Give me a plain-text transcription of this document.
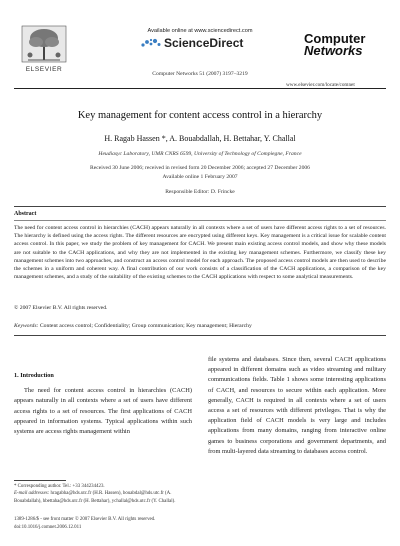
ELSEVIER
Available online at www.sciencedirect.com
ScienceDirect
Computer Networks 51 (2007) 3197–3219
Computer
Networks
www.elsevier.com/locate/comnet
Key management for content access control in a hierarchy
H. Ragab Hassen *, A. Bouabdallah, H. Bettahar, Y. Challal
Heudiasyc Laboratory, UMR CNRS 6599, University of Technology of Compiegne, France
Received 30 June 2006; received in revised form 20 December 2006; accepted 27 December 2006
Available online 1 February 2007
Responsible Editor: D. Frincke
Abstract
The need for content access control in hierarchies (CACH) appears naturally in all contexts where a set of users have different access rights to a set of resources. The hierarchy is defined using the access rights. The different resources are encrypted using different keys. Key management is a critical issue for scalable content access control. In this paper, we study the problem of key management for CACH. We present main existing access control models, and show why these models are not suitable to the CACH applications, and why they are not implemented in the existing key management schemes. Furthermore, we classify these key management schemes into two approaches, and construct an access control model for each approach. The proposed access control models are then used to describe the schemes in a uniform and coherent way. A final contribution of our work consists of a classification of the CACH applications, a comparison of the key management schemes, and a study of the suitability of the existing schemes to the CACH applications with respect to some analytical measurements.
© 2007 Elsevier B.V. All rights reserved.
Keywords: Content access control; Confidentiality; Group communication; Key management; Hierarchy
1. Introduction
The need for content access control in hierarchies (CACH) appears naturally in all contexts where a set of users have different access rights to a set of resources. The first applications of CACH appeared in information systems. Typical applications within such systems are access rights management within
file systems and databases. Since then, several CACH applications appeared in different domains such as video streaming and military communications fields. Table 1 shows some interesting applications of CACH, and resources to secure within each application. More generally, CACH is required in all contexts where a set of users access a set of resources with different privileges. That is why the application field of CACH models is very large and includes applications from many domains, ranging from interactive online games to business corporations and government departments, and from multi-layered data streaming to databases access control.
* Corresponding author. Tel.: +33 344234423.
E-mail addresses: hragabha@hds.utc.fr (H.R. Hassen), bouabdal@hds.utc.fr (A. Bouabdallah), hbettaha@hds.utc.fr (H. Bettahar), ychallal@hds.utc.fr (Y. Challal).
1389-1286/$ - see front matter © 2007 Elsevier B.V. All rights reserved.
doi:10.1016/j.comnet.2006.12.011
